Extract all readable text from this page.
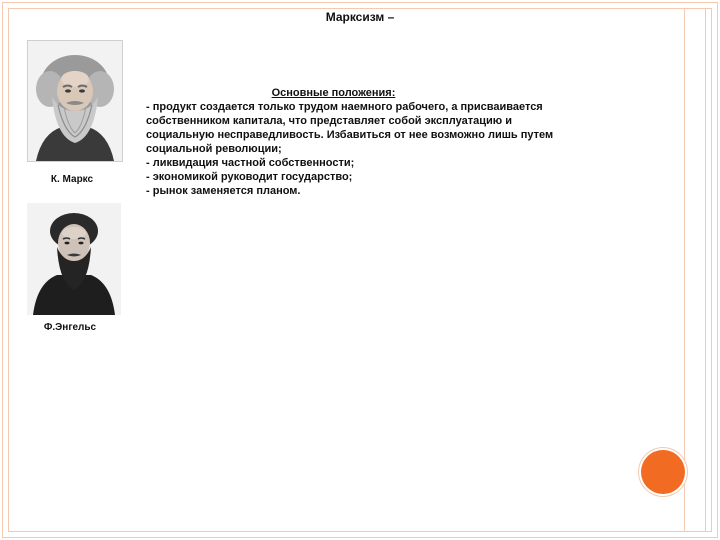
Марксизм –
К. Маркс
Ф.Энгельс
Основные положения:
- продукт создается только трудом наемного рабочего, а присваивается
собственником капитала, что представляет собой эксплуатацию и
социальную несправедливость. Избавиться от нее возможно лишь путем
социальной революции;
- ликвидация частной собственности;
- экономикой руководит государство;
- рынок заменяется планом.
